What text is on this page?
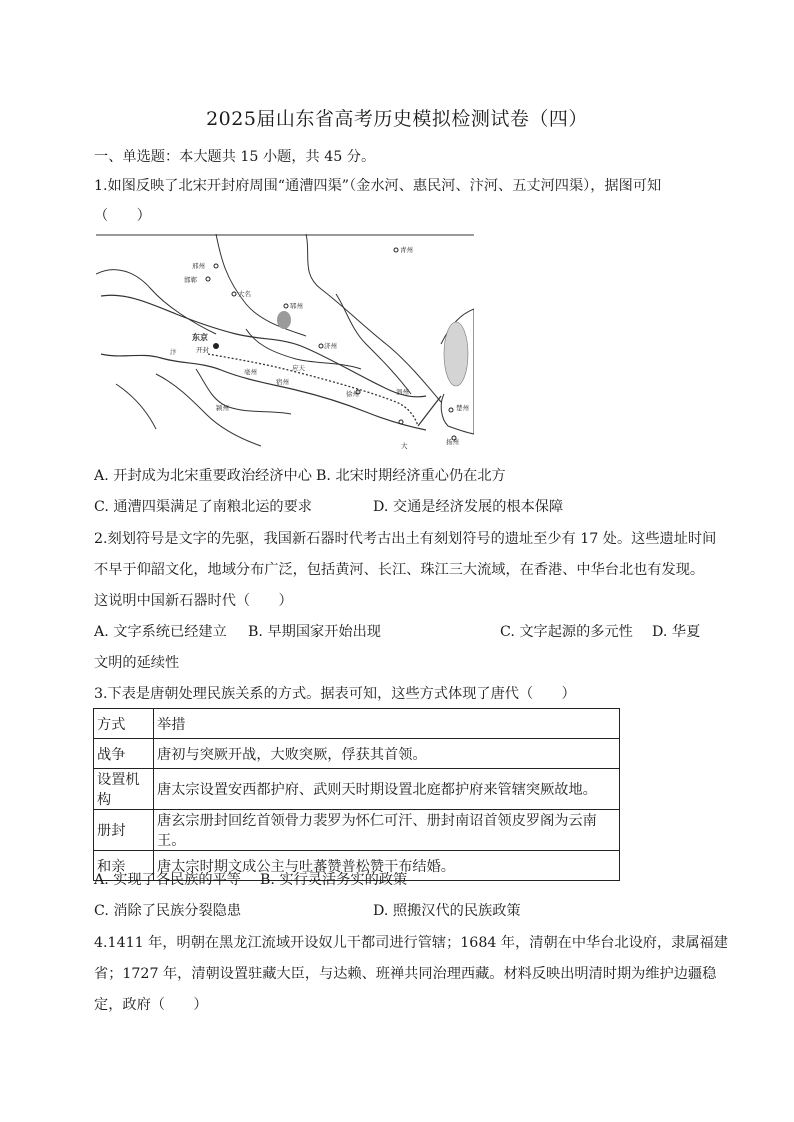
2025届山东省高考历史模拟检测试卷（四）
一、单选题：本大题共 15 小题，共 45 分。
1.如图反映了北宋开封府周围“通漕四渠”（金水河、惠民河、汴河、五丈河四渠），据图可知
（　　）
邢州
邯郸
大名
青州
郓州
济州
东京
开封
汴
亳州
泗州
宿州
应天
徐州
颍州	楚州
扬州
大
A. 开封成为北宋重要政治经济中心 B. 北宋时期经济重心仍在北方
C. 通漕四渠满足了南粮北运的要求	D. 交通是经济发展的根本保障
2.刻划符号是文字的先驱，我国新石器时代考古出土有刻划符号的遗址至少有 17 处。这些遗址时间
不早于仰韶文化，地域分布广泛，包括黄河、长江、珠江三大流域，在香港、中华台北也有发现。
这说明中国新石器时代（　　）
A. 文字系统已经建立 B. 早期国家开始出现	C. 文字起源的多元性 D. 华夏
文明的延续性
3.下表是唐朝处理民族关系的方式。据表可知，这些方式体现了唐代（　　）
方式	举措
战争	唐初与突厥开战，大败突厥，俘获其首领。
设置机构	唐太宗设置安西都护府、武则天时期设置北庭都护府来管辖突厥故地。
册封	唐玄宗册封回纥首领骨力裴罗为怀仁可汗、册封南诏首领皮罗阁为云南王。
和亲	唐太宗时期文成公主与吐蕃赞普松赞干布结婚。
A. 实现了各民族的平等 B. 实行灵活务实的政策
C. 消除了民族分裂隐患	D. 照搬汉代的民族政策
4.1411 年，明朝在黑龙江流域开设奴儿干都司进行管辖；1684 年，清朝在中华台北设府，隶属福建
省；1727 年，清朝设置驻藏大臣，与达赖、班禅共同治理西藏。材料反映出明清时期为维护边疆稳
定，政府（　　）
